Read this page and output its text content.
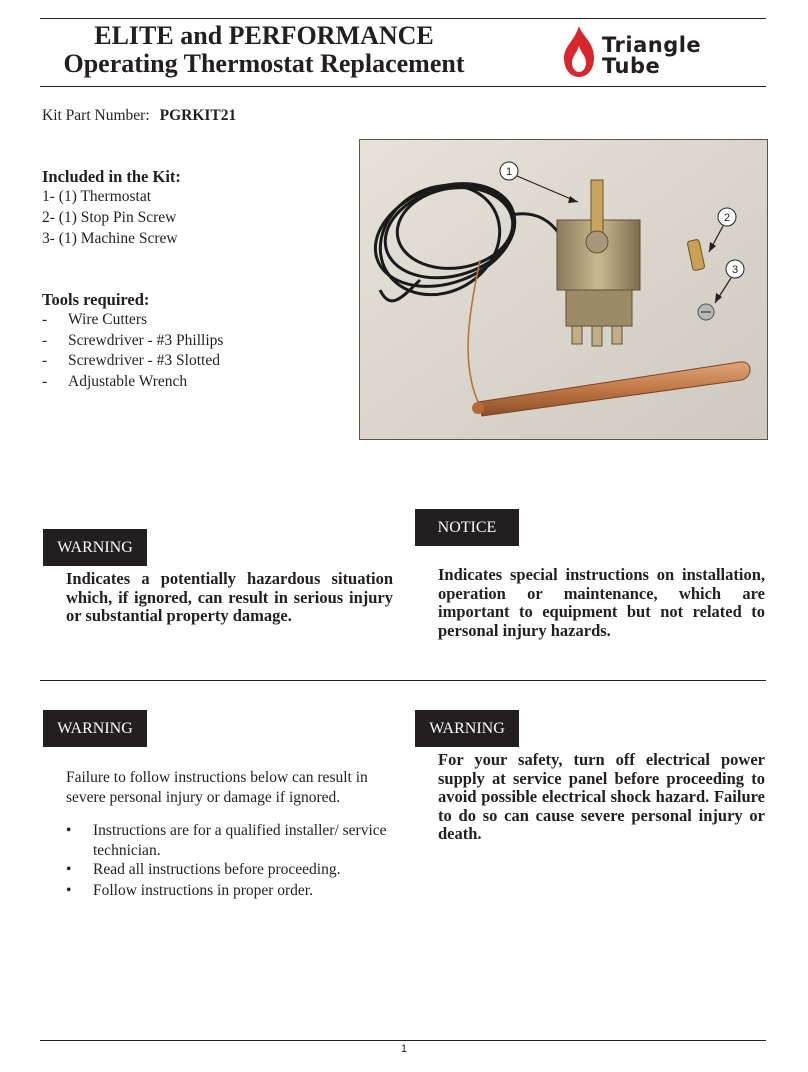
ELITE and PERFORMANCE
Operating Thermostat Replacement
Triangle
Tube
Kit Part Number: PGRKIT21
Included in the Kit:
1- (1) Thermostat
2- (1) Stop Pin Screw
3- (1) Machine Screw
Tools required:
- Wire Cutters
- Screwdriver - #3 Phillips
- Screwdriver - #3 Slotted
- Adjustable Wrench
1
2
3
WARNING
Indicates a potentially hazardous situation which, if ignored, can result in serious injury or substantial property damage.
NOTICE
Indicates special instructions on installation, operation or maintenance, which are important to equipment but not related to personal injury hazards.
WARNING
Failure to follow instructions below can result in severe personal injury or damage if ignored.
• Instructions are for a qualified installer/ service technician.
• Read all instructions before proceeding.
• Follow instructions in proper order.
WARNING
For your safety, turn off electrical power supply at service panel before proceeding to avoid possible electrical shock hazard. Failure to do so can cause severe personal injury or death.
1
